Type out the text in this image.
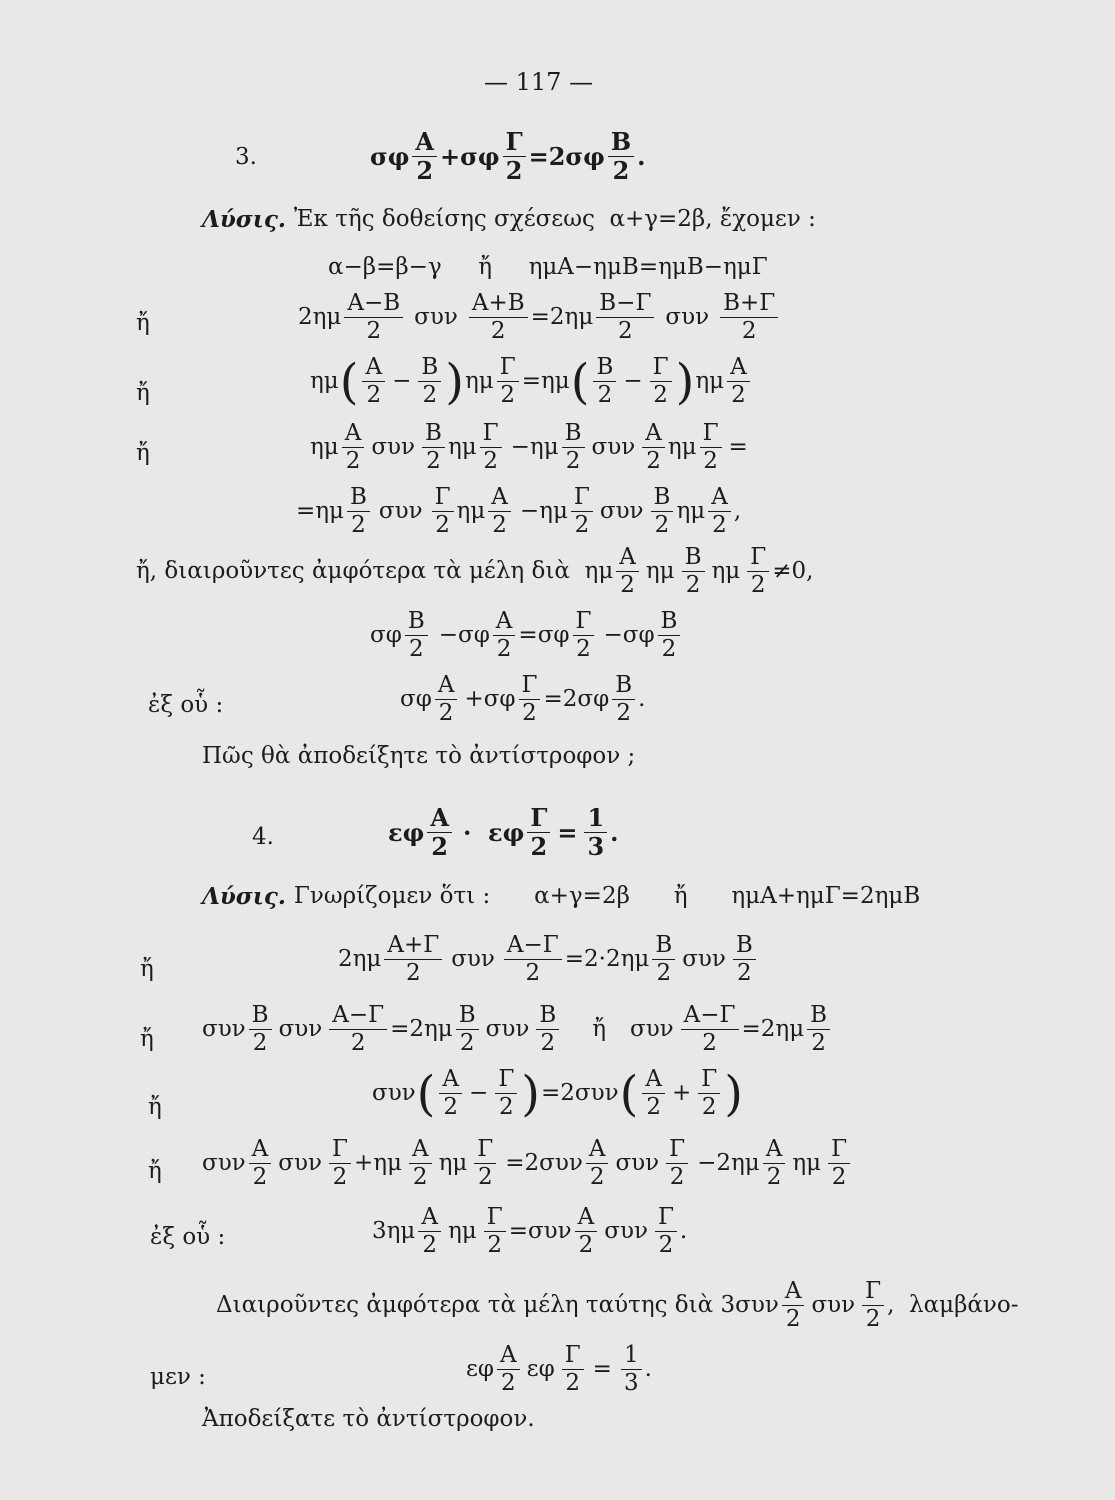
— 117 —
3.	σφ $\frac{A}{2} +\sigma\varphi \frac{\Gamma}{2} =2\sigma\varphi \frac{B}{2}$ .
Λύσις. Ἐκ τῆς δοθείσης σχέσεως  α+γ=2β, ἔχομεν :
α−β=β−γ     ἤ     ημΑ−ημΒ=ημΒ−ημΓ
ἤ	$2\eta\mu \frac{A-B}{2}$ συν $\frac{A+B}{2} =2\eta\mu \frac{B-\Gamma}{2}$ συν $\frac{B+\Gamma}{2}$
ἤ	ημ ( $\frac{A}{2} - \frac{B}{2}$ ) ημ $\frac{\Gamma}{2} =\eta\mu$ ( $\frac{B}{2} - \frac{\Gamma}{2}$ ) ημ $\frac{A}{2}$
ἤ	ημ $\frac{A}{2}$ συν $\frac{B}{2}$ ημ $\frac{\Gamma}{2} -\eta\mu \frac{B}{2}$ συν $\frac{A}{2}$ ημ $\frac{\Gamma}{2}$ =
$=\eta\mu \frac{B}{2}$ συν $\frac{\Gamma}{2}$ ημ $\frac{A}{2} -\eta\mu \frac{\Gamma}{2}$ συν $\frac{B}{2}$ ημ $\frac{A}{2}$ ,
ἤ, διαιροῦντες ἀμφότερα τὰ μέλη διὰ  ημ $\frac{A}{2}$ ημ $\frac{B}{2}$ ημ $\frac{\Gamma}{2} \ne 0$,
σφ $\frac{B}{2} -\sigma\varphi \frac{A}{2} =\sigma\varphi \frac{\Gamma}{2} -\sigma\varphi \frac{B}{2}$
ἐξ οὗ :	σφ $\frac{A}{2} +\sigma\varphi \frac{\Gamma}{2} =2\sigma\varphi \frac{B}{2}$ .
Πῶς θὰ ἀποδείξητε τὸ ἀντίστροφον ;
4.	εφ $\frac{A}{2} \cdot \varepsilon\varphi \frac{\Gamma}{2} = \frac{1}{3}$ .
Λύσις. Γνωρίζομεν ὅτι :      α+γ=2β      ἤ      ημΑ+ημΓ=2ημΒ
ἤ	$2\eta\mu \frac{A+\Gamma}{2}$ συν $\frac{A-\Gamma}{2} =2\cdot 2\eta\mu \frac{B}{2}$ συν $\frac{B}{2}$
ἤ συν $\frac{B}{2}$ συν $\frac{A-\Gamma}{2} =2\eta\mu \frac{B}{2}$ συν $\frac{B}{2}$ ἤ συν $\frac{A-\Gamma}{2} =2\eta\mu \frac{B}{2}$
ἤ
συν ( $\frac{A}{2} - \frac{\Gamma}{2}$ ) =2συν ( $\frac{A}{2} + \frac{\Gamma}{2}$ )
ἤ συν $\frac{A}{2}$ συν $\frac{\Gamma}{2} +\eta\mu \frac{A}{2}$ ημ $\frac{\Gamma}{2} =2\sigma\upsilon\nu \frac{A}{2}$ συν $\frac{\Gamma}{2} -2\eta\mu \frac{A}{2}$ ημ $\frac{\Gamma}{2}$
ἐξ οὗ :	$3\eta\mu \frac{A}{2}$ ημ $\frac{\Gamma}{2} =\sigma\upsilon\nu \frac{A}{2}$ συν $\frac{\Gamma}{2}$ .
Διαιροῦντες ἀμφότερα τὰ μέλη ταύτης διὰ $3\sigma\upsilon\nu \frac{A}{2}$ συν $\frac{\Gamma}{2}$ ,  λαμβάνο-
μεν :	εφ $\frac{A}{2}$ εφ $\frac{\Gamma}{2} = \frac{1}{3}$ .
Ἀποδείξατε τὸ ἀντίστροφον.
